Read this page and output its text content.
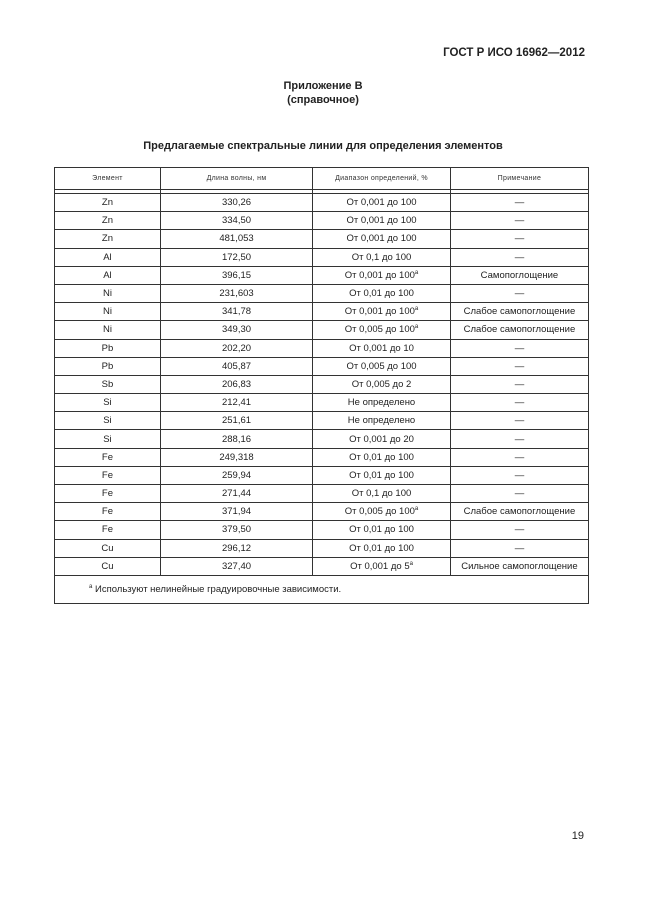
ГОСТ Р ИСО 16962—2012
Приложение В
(справочное)
Предлагаемые спектральные линии для определения элементов
Элемент	Длина волны, нм	Диапазон определений, %	Примечание

Zn	330,26	От 0,001 до 100	—
Zn	334,50	От 0,001 до 100	—
Zn	481,053	От 0,001 до 100	—
Al	172,50	От 0,1 до 100	—
Al	396,15	От 0,001 до 100$^a$	Самопоглощение
Ni	231,603	От 0,01 до 100	—
Ni	341,78	От 0,001 до 100$^a$	Слабое самопоглощение
Ni	349,30	От 0,005 до 100$^a$	Слабое самопоглощение
Pb	202,20	От 0,001 до 10	—
Pb	405,87	От 0,005 до 100	—
Sb	206,83	От 0,005 до 2	—
Si	212,41	Не определено	—
Si	251,61	Не определено	—
Si	288,16	От 0,001 до 20	—
Fe	249,318	От 0,01 до 100	—
Fe	259,94	От 0,01 до 100	—
Fe	271,44	От 0,1 до 100	—
Fe	371,94	От 0,005 до 100$^a$	Слабое самопоглощение
Fe	379,50	От 0,01 до 100	—
Cu	296,12	От 0,01 до 100	—
Cu	327,40	От 0,001 до 5$^a$	Сильное самопоглощение
$^a$ Используют нелинейные градуировочные зависимости.			
19
